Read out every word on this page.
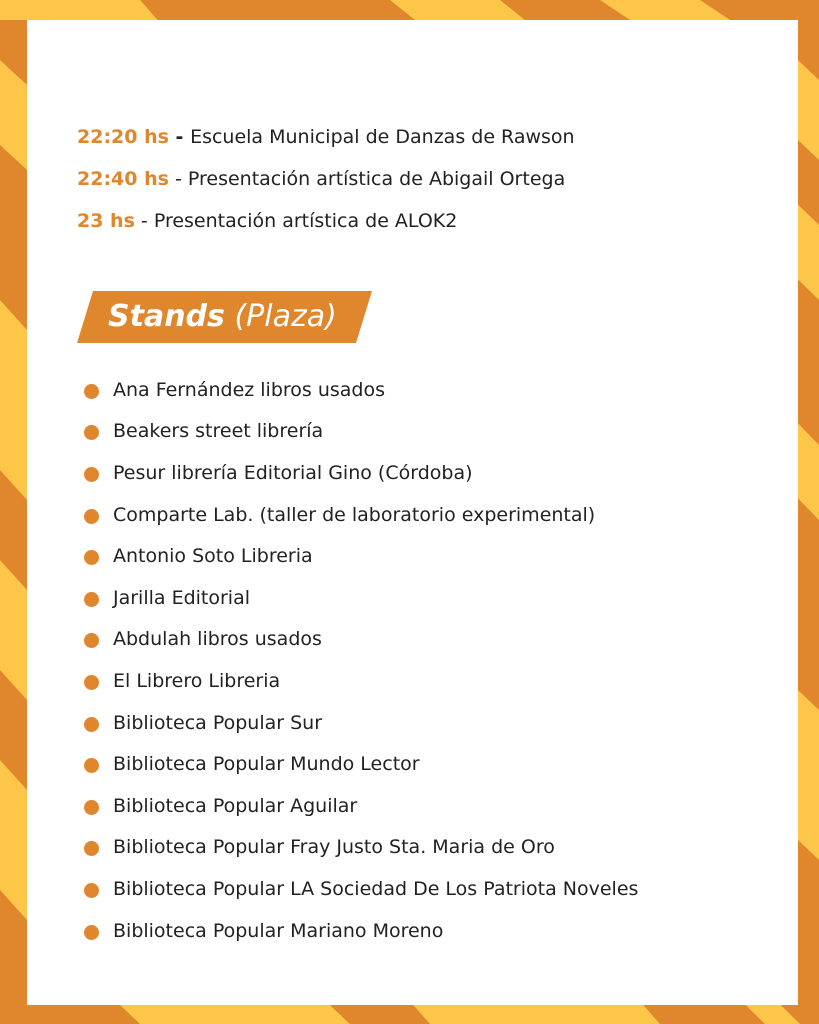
22:20 hs - Escuela Municipal de Danzas de Rawson
22:40 hs - Presentación artística de Abigail Ortega
23 hs - Presentación artística de ALOK2
Stands (Plaza)
Ana Fernández libros usados
Beakers street librería
Pesur librería Editorial Gino (Córdoba)
Comparte Lab. (taller de laboratorio experimental)
Antonio Soto Libreria
Jarilla Editorial
Abdulah libros usados
El Librero Libreria
Biblioteca Popular Sur
Biblioteca Popular Mundo Lector
Biblioteca Popular Aguilar
Biblioteca Popular Fray Justo Sta. Maria de Oro
Biblioteca Popular LA Sociedad De Los Patriota Noveles
Biblioteca Popular Mariano Moreno
